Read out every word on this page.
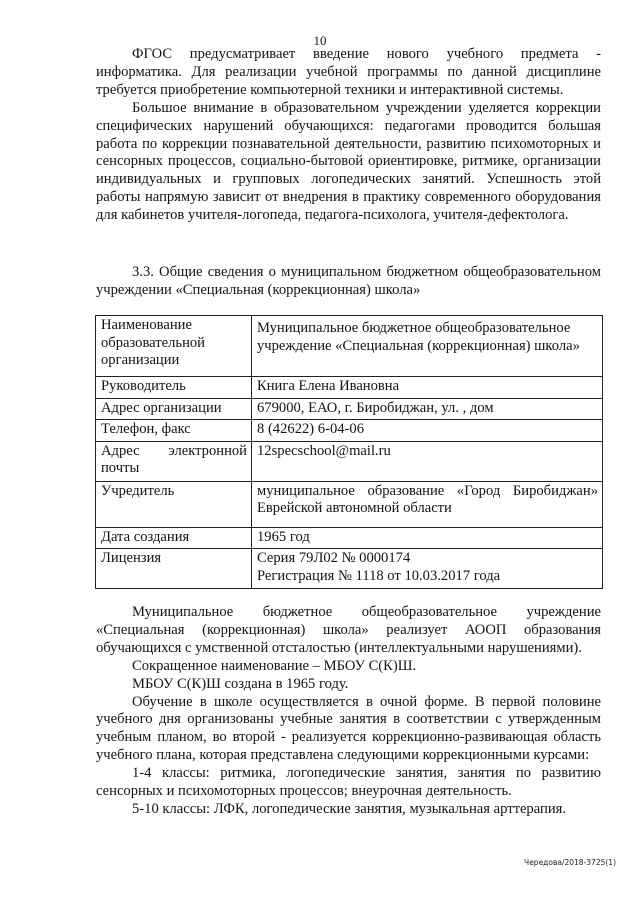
10

ФГОС предусматривает введение нового учебного предмета - информатика. Для реализации учебной программы по данной дисциплине требуется приобретение компьютерной техники и интерактивной системы.

Большое внимание в образовательном учреждении уделяется коррекции специфических нарушений обучающихся: педагогами проводится большая работа по коррекции познавательной деятельности, развитию психомоторных и сенсорных процессов, социально-бытовой ориентировке, ритмике, организации индивидуальных и групповых логопедических занятий. Успешность этой работы напрямую зависит от внедрения в практику современного оборудования для кабинетов учителя-логопеда, педагога-психолога, учителя-дефектолога.

3.3. Общие сведения о муниципальном бюджетном общеобразовательном учреждении «Специальная (коррекционная) школа»
Наименование образовательной организации	Муниципальное бюджетное общеобразовательное учреждение «Специальная (коррекционная) школа»
Руководитель	Книга Елена Ивановна
Адрес организации	679000, ЕАО, г. Биробиджан, ул. , дом
Телефон, факс	8 (42622) 6-04-06
Адрес электронной почты	12specschool@mail.ru
Учредитель	муниципальное образование «Город Биробиджан» Еврейской автономной области
Дата создания	1965 год
Лицензия	Серия 79Л02 № 0000174
Регистрация № 1118 от 10.03.2017 года

Муниципальное бюджетное общеобразовательное учреждение «Специальная (коррекционная) школа» реализует АООП образования обучающихся с умственной отсталостью (интеллектуальными нарушениями).

Сокращенное наименование – МБОУ С(К)Ш.

МБОУ С(К)Ш создана в 1965 году.

Обучение в школе осуществляется в очной форме. В первой половине учебного дня организованы учебные занятия в соответствии с утвержденным учебным планом, во второй - реализуется коррекционно-развивающая область учебного плана, которая представлена следующими коррекционными курсами:

1-4 классы: ритмика, логопедические занятия, занятия по развитию сенсорных и психомоторных процессов; внеурочная деятельность.

5-10 классы: ЛФК, логопедические занятия, музыкальная арттерапия.

Чередова/2018-3725(1)
